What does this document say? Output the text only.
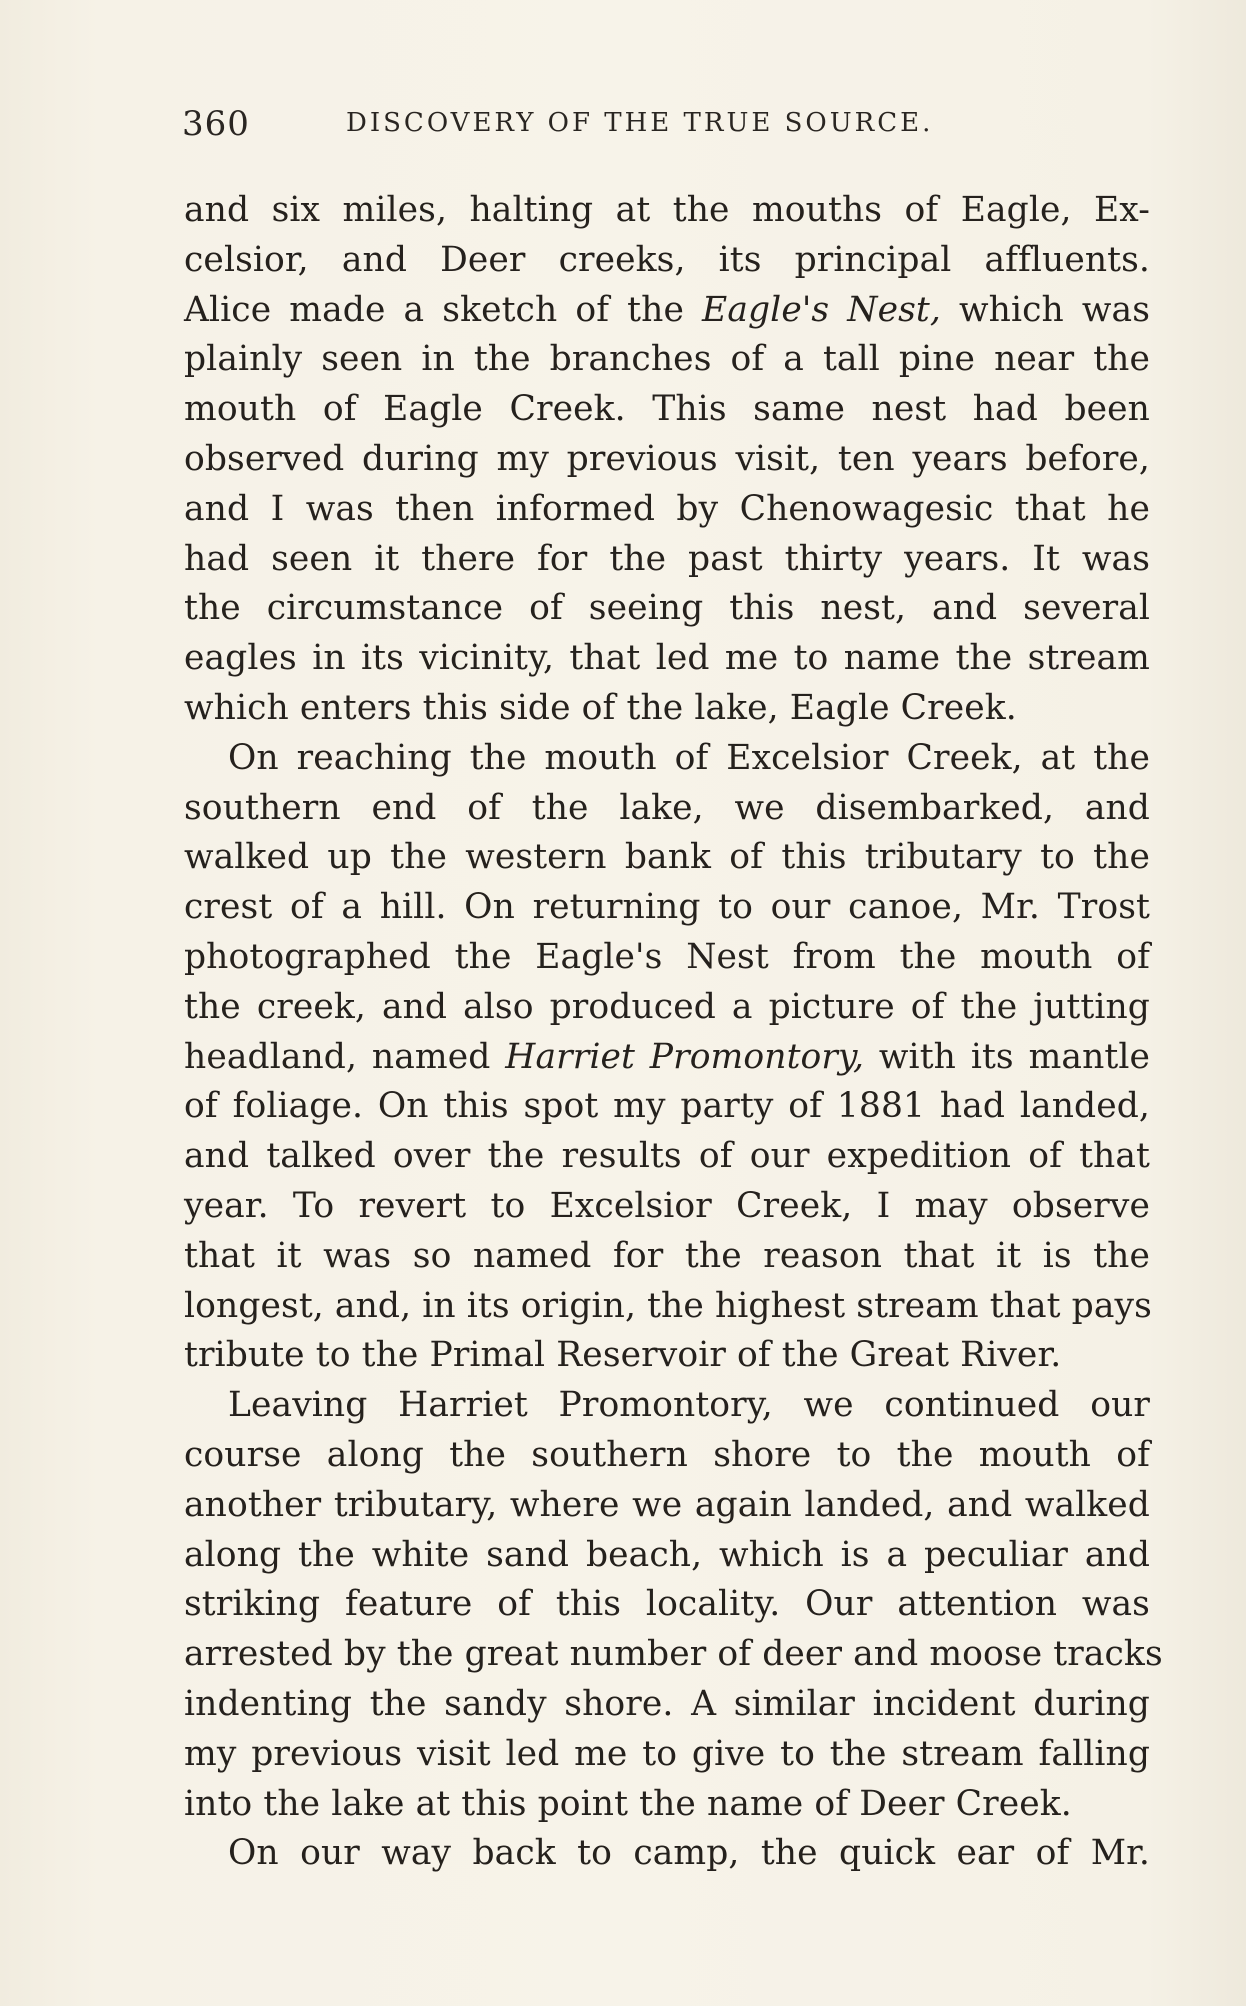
360	DISCOVERY OF THE TRUE SOURCE.
and six miles, halting at the mouths of Eagle, Ex-
celsior, and Deer creeks, its principal affluents.
Alice made a sketch of the Eagle's Nest, which was
plainly seen in the branches of a tall pine near the
mouth of Eagle Creek. This same nest had been
observed during my previous visit, ten years before,
and I was then informed by Chenowagesic that he
had seen it there for the past thirty years. It was
the circumstance of seeing this nest, and several
eagles in its vicinity, that led me to name the stream
which enters this side of the lake, Eagle Creek.
On reaching the mouth of Excelsior Creek, at the
southern end of the lake, we disembarked, and
walked up the western bank of this tributary to the
crest of a hill. On returning to our canoe, Mr. Trost
photographed the Eagle's Nest from the mouth of
the creek, and also produced a picture of the jutting
headland, named Harriet Promontory, with its mantle
of foliage. On this spot my party of 1881 had landed,
and talked over the results of our expedition of that
year. To revert to Excelsior Creek, I may observe
that it was so named for the reason that it is the
longest, and, in its origin, the highest stream that pays
tribute to the Primal Reservoir of the Great River.
Leaving Harriet Promontory, we continued our
course along the southern shore to the mouth of
another tributary, where we again landed, and walked
along the white sand beach, which is a peculiar and
striking feature of this locality. Our attention was
arrested by the great number of deer and moose tracks
indenting the sandy shore. A similar incident during
my previous visit led me to give to the stream falling
into the lake at this point the name of Deer Creek.
On our way back to camp, the quick ear of Mr.
